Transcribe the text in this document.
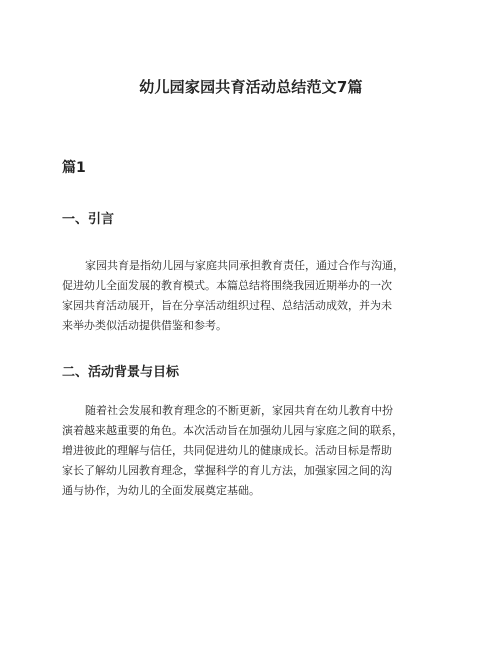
幼儿园家园共育活动总结范文7篇
篇1
一、引言

家园共育是指幼儿园与家庭共同承担教育责任，通过合作与沟通，
促进幼儿全面发展的教育模式。本篇总结将围绕我园近期举办的一次
家园共育活动展开，旨在分享活动组织过程、总结活动成效，并为未
来举办类似活动提供借鉴和参考。

二、活动背景与目标

随着社会发展和教育理念的不断更新，家园共育在幼儿教育中扮
演着越来越重要的角色。本次活动旨在加强幼儿园与家庭之间的联系，
增进彼此的理解与信任，共同促进幼儿的健康成长。活动目标是帮助
家长了解幼儿园教育理念，掌握科学的育儿方法，加强家园之间的沟
通与协作，为幼儿的全面发展奠定基础。
